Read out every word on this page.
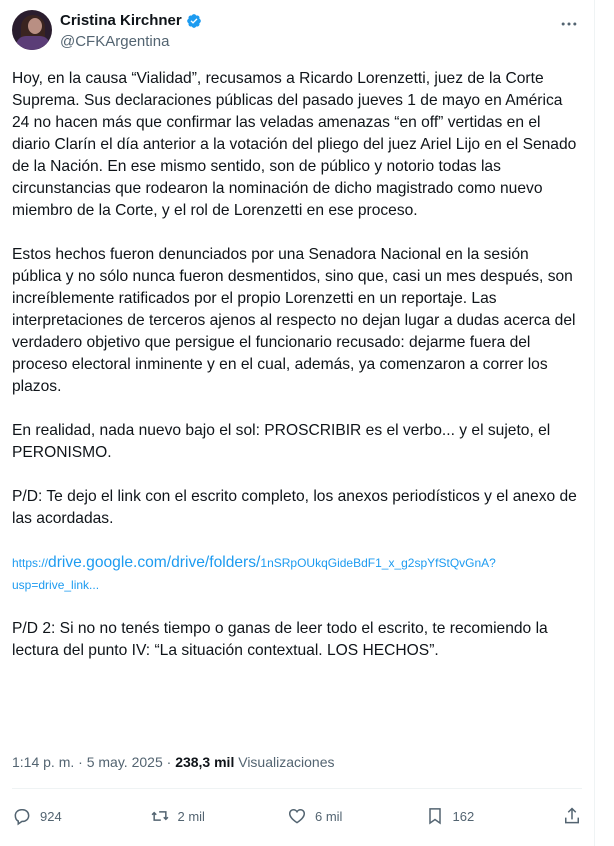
Cristina Kirchner
@CFKArgentina

Hoy, en la causa “Vialidad”, recusamos a Ricardo Lorenzetti, juez de la Corte Suprema. Sus declaraciones públicas del pasado jueves 1 de mayo en América 24 no hacen más que confirmar las veladas amenazas “en off” vertidas en el diario Clarín el día anterior a la votación del pliego del juez Ariel Lijo en el Senado de la Nación. En ese mismo sentido, son de público y notorio todas las circunstancias que rodearon la nominación de dicho magistrado como nuevo miembro de la Corte, y el rol de Lorenzetti en ese proceso.

Estos hechos fueron denunciados por una Senadora Nacional en la sesión pública y no sólo nunca fueron desmentidos, sino que, casi un mes después, son increíblemente ratificados por el propio Lorenzetti en un reportaje. Las interpretaciones de terceros ajenos al respecto no dejan lugar a dudas acerca del verdadero objetivo que persigue el funcionario recusado: dejarme fuera del proceso electoral inminente y en el cual, además, ya comenzaron a correr los plazos.

En realidad, nada nuevo bajo el sol: PROSCRIBIR es el verbo... y el sujeto, el PERONISMO.

P/D: Te dejo el link con el escrito completo, los anexos periodísticos y el anexo de las acordadas.

https://drive.google.com/drive/folders/1nSRpOUkqGideBdF1_x_g2spYfStQvGnA?
usp=drive_link...

P/D 2: Si no no tenés tiempo o ganas de leer todo el escrito, te recomiendo la lectura del punto IV: “La situación contextual. LOS HECHOS”.

1:14 p. m. · 5 may. 2025 · 238,3 mil Visualizaciones
924	2 mil	6 mil	162
